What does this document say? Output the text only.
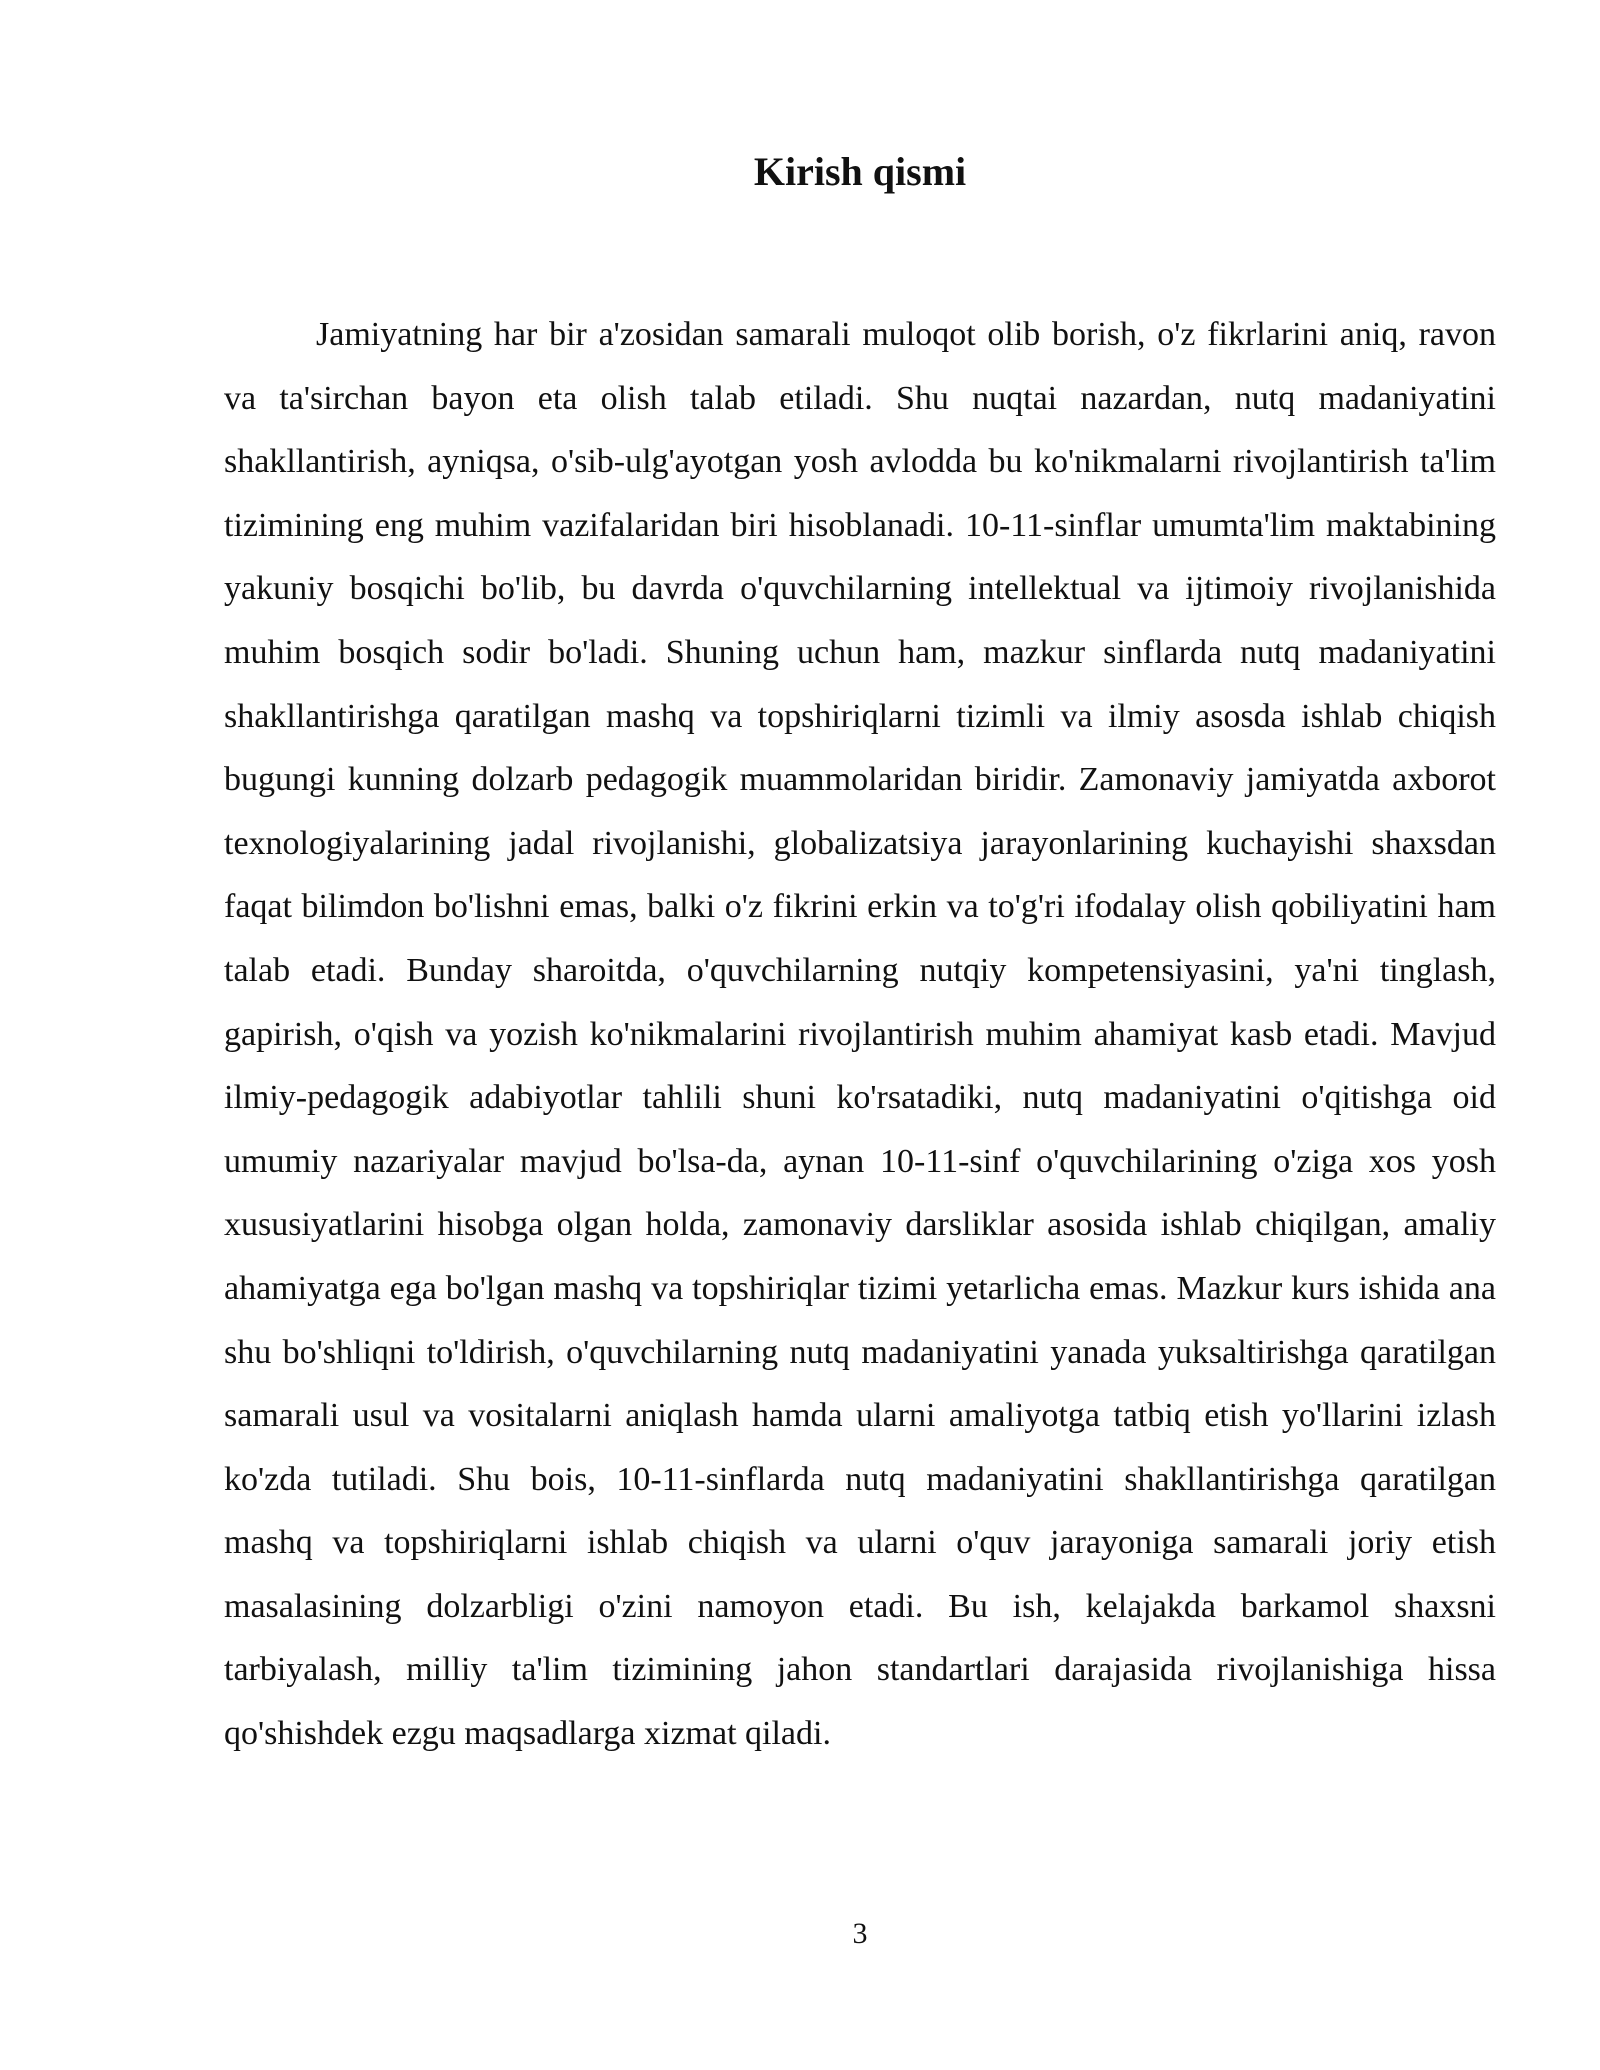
Kirish qismi

Jamiyatning har bir a'zosidan samarali muloqot olib borish, o'z fikrlarini aniq, ravon va ta'sirchan bayon eta olish talab etiladi. Shu nuqtai nazardan, nutq madaniyatini shakllantirish, ayniqsa, o'sib-ulg'ayotgan yosh avlodda bu ko'nikmalarni rivojlantirish ta'lim tizimining eng muhim vazifalaridan biri hisoblanadi. 10-11-sinflar umumta'lim maktabining yakuniy bosqichi bo'lib, bu davrda o'quvchilarning intellektual va ijtimoiy rivojlanishida muhim bosqich sodir bo'ladi. Shuning uchun ham, mazkur sinflarda nutq madaniyatini shakllantirishga qaratilgan mashq va topshiriqlarni tizimli va ilmiy asosda ishlab chiqish bugungi kunning dolzarb pedagogik muammolaridan biridir. Zamonaviy jamiyatda axborot texnologiyalarining jadal rivojlanishi, globalizatsiya jarayonlarining kuchayishi shaxsdan faqat bilimdon bo'lishni emas, balki o'z fikrini erkin va to'g'ri ifodalay olish qobiliyatini ham talab etadi. Bunday sharoitda, o'quvchilarning nutqiy kompetensiyasini, ya'ni tinglash, gapirish, o'qish va yozish ko'nikmalarini rivojlantirish muhim ahamiyat kasb etadi. Mavjud ilmiy-pedagogik adabiyotlar tahlili shuni ko'rsatadiki, nutq madaniyatini o'qitishga oid umumiy nazariyalar mavjud bo'lsa-da, aynan 10-11-sinf o'quvchilarining o'ziga xos yosh xususiyatlarini hisobga olgan holda, zamonaviy darsliklar asosida ishlab chiqilgan, amaliy ahamiyatga ega bo'lgan mashq va topshiriqlar tizimi yetarlicha emas. Mazkur kurs ishida ana shu bo'shliqni to'ldirish, o'quvchilarning nutq madaniyatini yanada yuksaltirishga qaratilgan samarali usul va vositalarni aniqlash hamda ularni amaliyotga tatbiq etish yo'llarini izlash ko'zda tutiladi. Shu bois, 10-11-sinflarda nutq madaniyatini shakllantirishga qaratilgan mashq va topshiriqlarni ishlab chiqish va ularni o'quv jarayoniga samarali joriy etish masalasining dolzarbligi o'zini namoyon etadi. Bu ish, kelajakda barkamol shaxsni tarbiyalash, milliy ta'lim tizimining jahon standartlari darajasida rivojlanishiga hissa qo'shishdek ezgu maqsadlarga xizmat qiladi.

3
